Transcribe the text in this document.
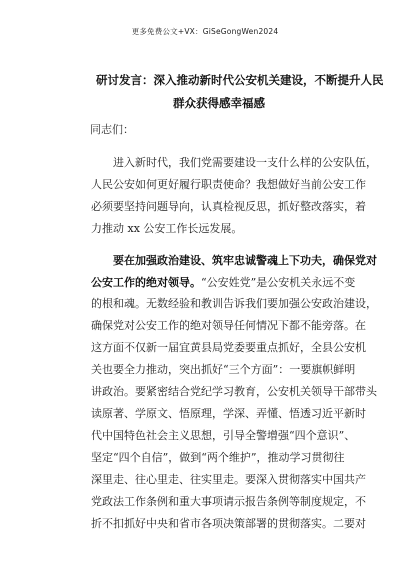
更多免费公文+VX：GiSeGongWen2024
研讨发言：深入推动新时代公安机关建设，不断提升人民
群众获得感幸福感
同志们：
　　进入新时代，我们党需要建设一支什么样的公安队伍，
人民公安如何更好履行职责使命？我想做好当前公安工作
必须要坚持问题导向，认真检视反思，抓好整改落实，着
力推动 xx 公安工作长远发展。
　　要在加强政治建设、筑牢忠诚警魂上下功夫，确保党对
公安工作的绝对领导。“公安姓党”是公安机关永远不变
的根和魂。无数经验和教训告诉我们要加强公安政治建设，
确保党对公安工作的绝对领导任何情况下都不能旁落。在
这方面不仅新一届宜黄县局党委要重点抓好，全县公安机
关也要全力推动，突出抓好“三个方面”：一要旗帜鲜明
讲政治。要紧密结合党纪学习教育，公安机关领导干部带头
读原著、学原文、悟原理，学深、弄懂、悟透习近平新时
代中国特色社会主义思想，引导全警增强“四个意识”、
坚定“四个自信”，做到“两个维护”，推动学习贯彻往
深里走、往心里走、往实里走。要深入贯彻落实中国共产
党政法工作条例和重大事项请示报告条例等制度规定，不
折不扣抓好中央和省市各项决策部署的贯彻落实。二要对
